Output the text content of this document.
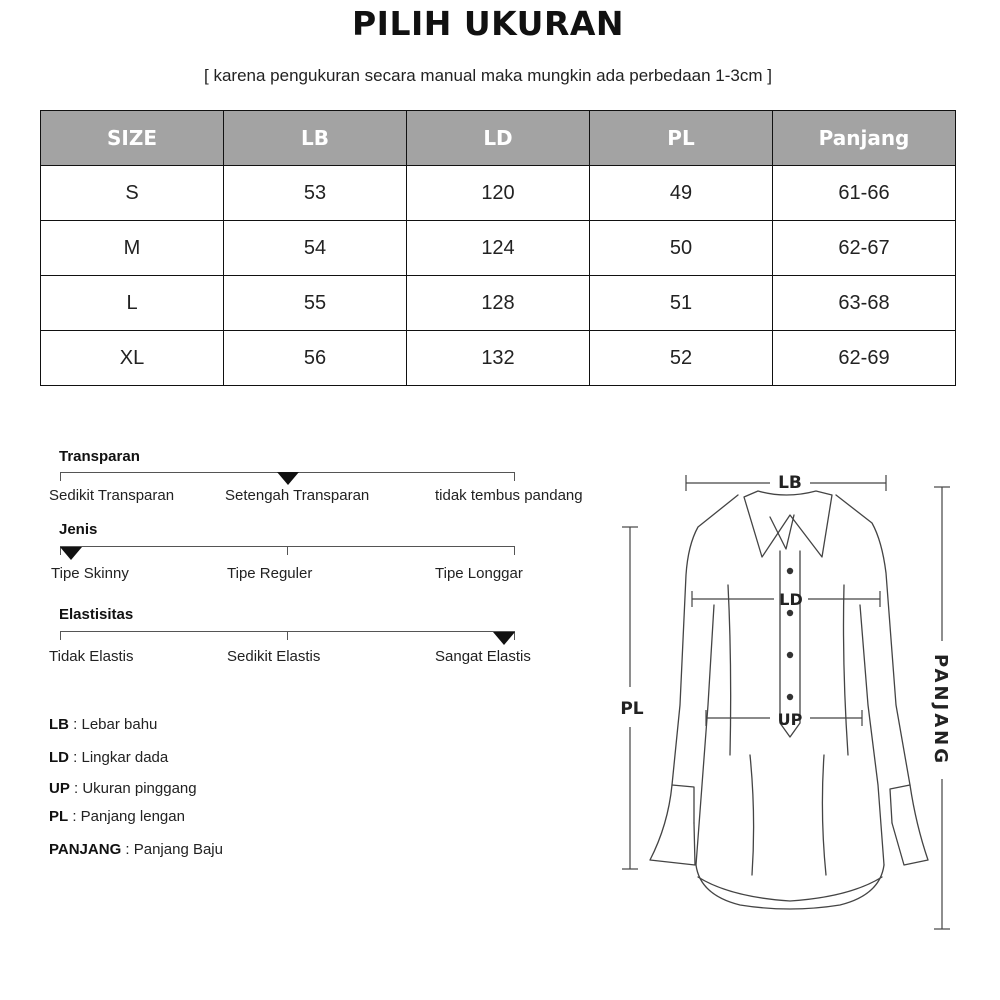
PILIH UKURAN
[ karena pengukuran secara manual maka mungkin ada perbedaan 1-3cm ]
SIZE	LB	LD	PL	Panjang
S	53	120	49	61-66
M	54	124	50	62-67
L	55	128	51	63-68
XL	56	132	52	62-69
Transparan
Sedikit Transparan	Setengah Transparan	tidak tembus pandang
Jenis
Tipe Skinny	Tipe Reguler	Tipe Longgar
Elastisitas
Tidak Elastis	Sedikit Elastis	Sangat Elastis
LB : Lebar bahu
LD : Lingkar dada
UP : Ukuran pinggang
PL : Panjang lengan
PANJANG : Panjang Baju
LB
LD
UP
PL	PANJANG
